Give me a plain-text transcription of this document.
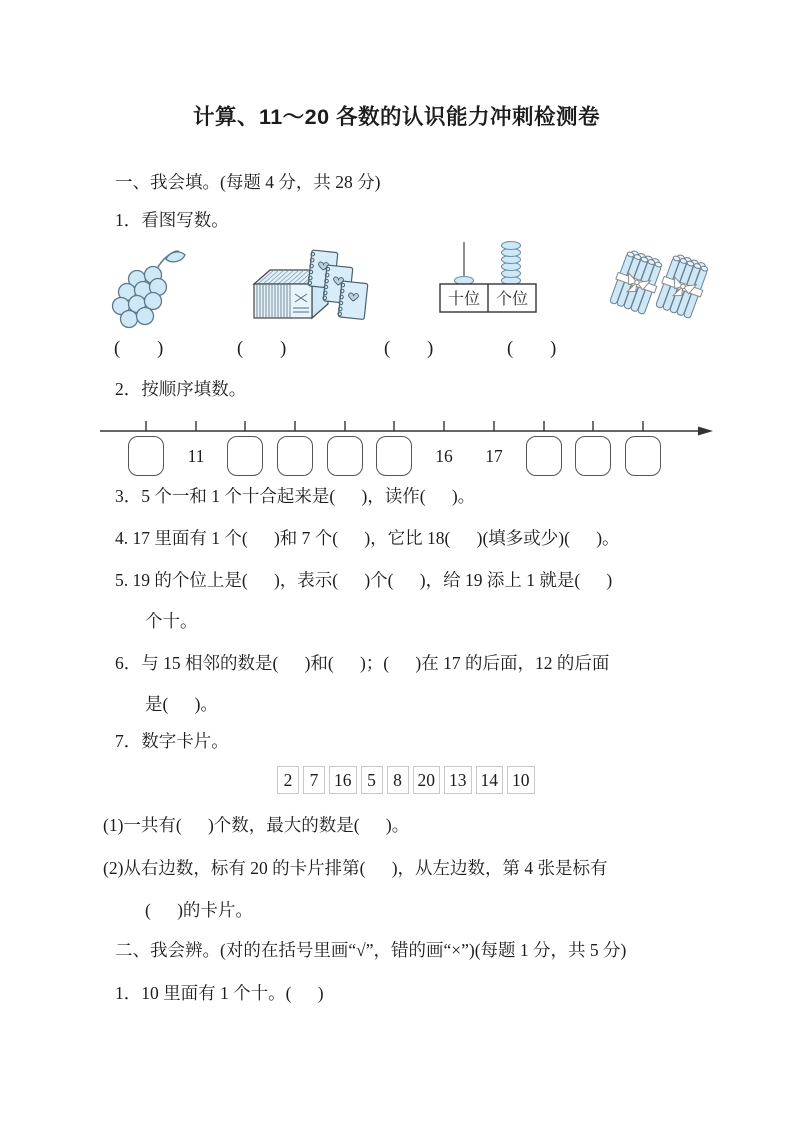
计算、11〜20 各数的认识能力冲刺检测卷
一、我会填。(每题 4 分，共 28 分)
1．看图写数。
十位 个位
(        )	(        )	(        )	(        )
2．按顺序填数。
11	16	17
3．5 个一和 1 个十合起来是(      )，读作(      )。
4. 17 里面有 1 个(      )和 7 个(      )，它比 18(      )(填多或少)(      )。
5. 19 的个位上是(      )，表示(      )个(      )，给 19 添上 1 就是(      )
个十。
6．与 15 相邻的数是(      )和(      )；(      )在 17 的后面，12 的后面
是(      )。
7．数字卡片。
2 7 16 5 8 20 13 14 10
(1)一共有(      )个数，最大的数是(      )。
(2)从右边数，标有 20 的卡片排第(      )，从左边数，第 4 张是标有
(      )的卡片。
二、我会辨。(对的在括号里画“√”，错的画“×”)(每题 1 分，共 5 分)
1．10 里面有 1 个十。(      )
